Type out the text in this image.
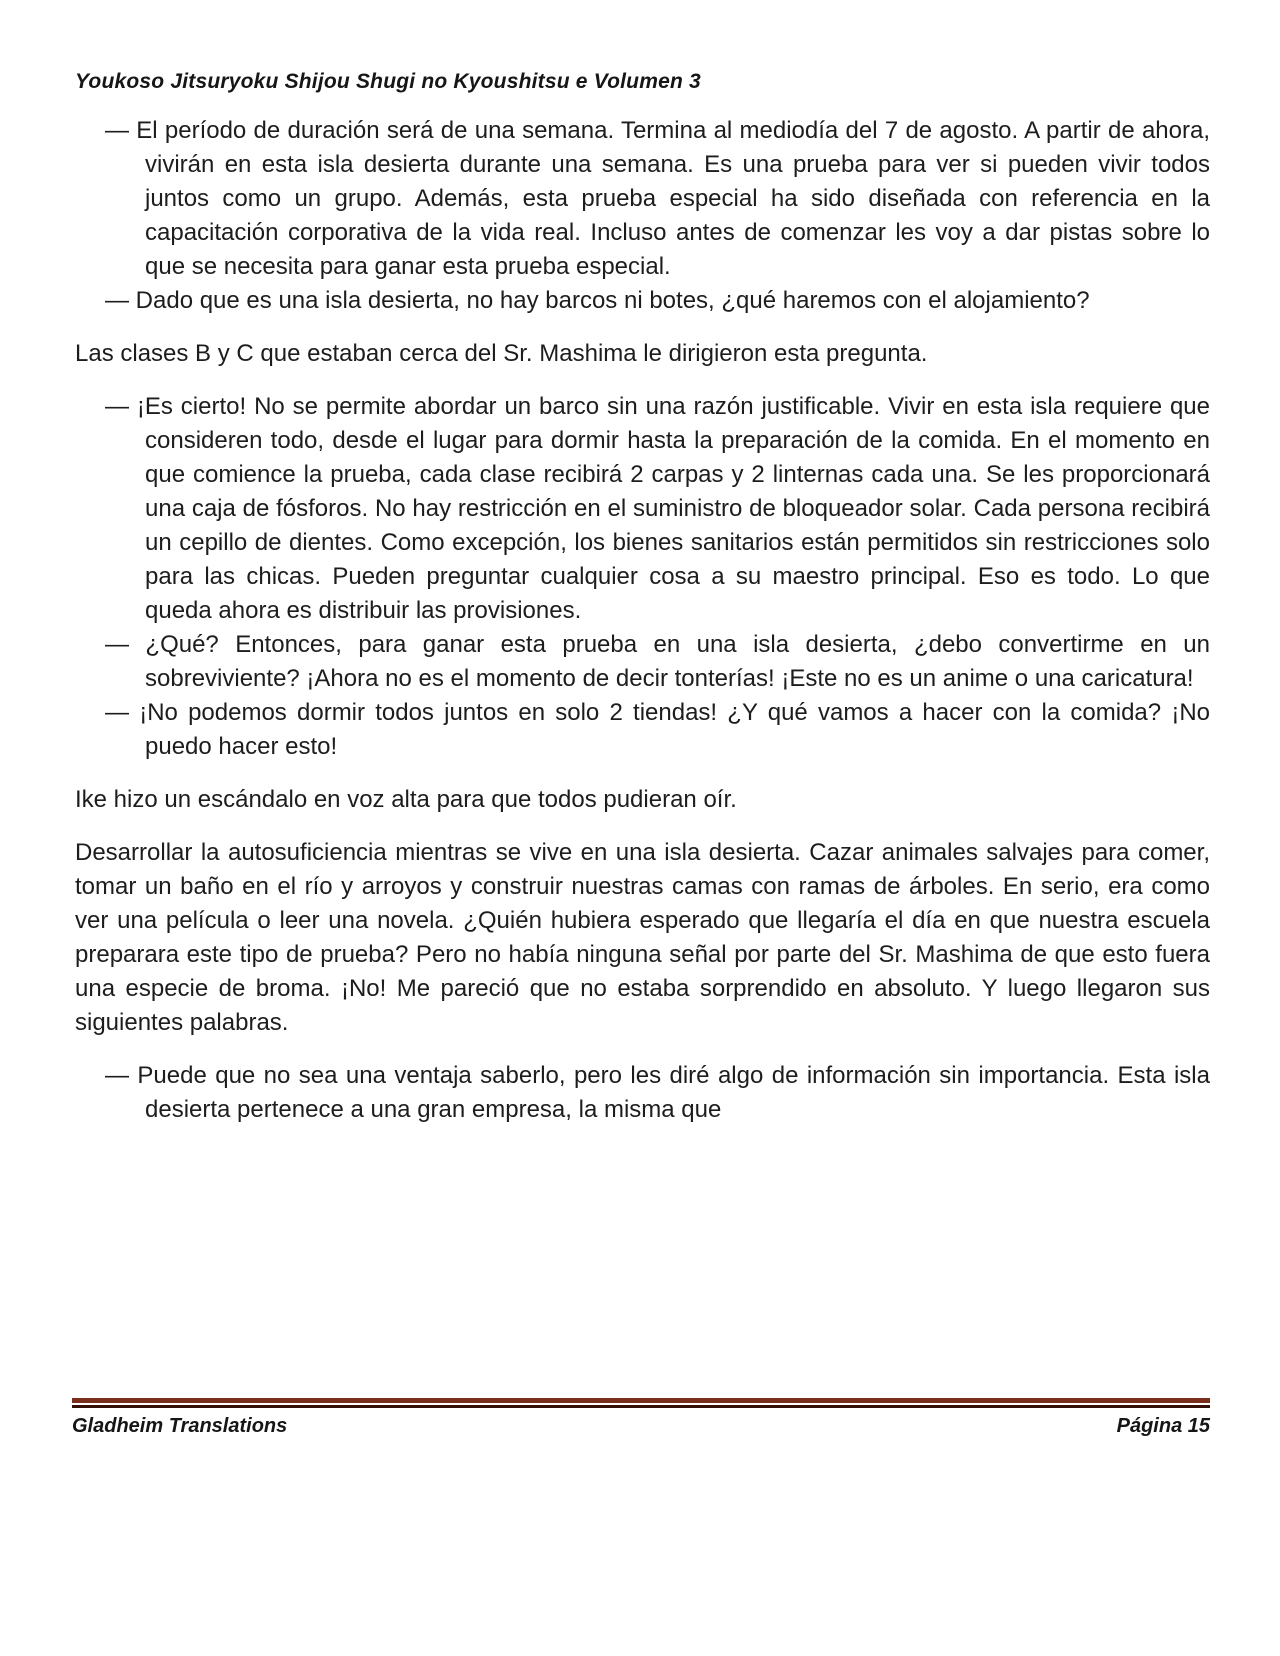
Youkoso Jitsuryoku Shijou Shugi no Kyoushitsu e Volumen 3

— El período de duración será de una semana. Termina al mediodía del 7 de agosto. A partir de ahora, vivirán en esta isla desierta durante una semana. Es una prueba para ver si pueden vivir todos juntos como un grupo. Además, esta prueba especial ha sido diseñada con referencia en la capacitación corporativa de la vida real. Incluso antes de comenzar les voy a dar pistas sobre lo que se necesita para ganar esta prueba especial.

— Dado que es una isla desierta, no hay barcos ni botes, ¿qué haremos con el alojamiento?

Las clases B y C que estaban cerca del Sr. Mashima le dirigieron esta pregunta.

— ¡Es cierto! No se permite abordar un barco sin una razón justificable. Vivir en esta isla requiere que consideren todo, desde el lugar para dormir hasta la preparación de la comida. En el momento en que comience la prueba, cada clase recibirá 2 carpas y 2 linternas cada una. Se les proporcionará una caja de fósforos. No hay restricción en el suministro de bloqueador solar. Cada persona recibirá un cepillo de dientes. Como excepción, los bienes sanitarios están permitidos sin restricciones solo para las chicas. Pueden preguntar cualquier cosa a su maestro principal. Eso es todo. Lo que queda ahora es distribuir las provisiones.

— ¿Qué? Entonces, para ganar esta prueba en una isla desierta, ¿debo convertirme en un sobreviviente? ¡Ahora no es el momento de decir tonterías! ¡Este no es un anime o una caricatura!

— ¡No podemos dormir todos juntos en solo 2 tiendas! ¿Y qué vamos a hacer con la comida? ¡No puedo hacer esto!

Ike hizo un escándalo en voz alta para que todos pudieran oír.

Desarrollar la autosuficiencia mientras se vive en una isla desierta. Cazar animales salvajes para comer, tomar un baño en el río y arroyos y construir nuestras camas con ramas de árboles. En serio, era como ver una película o leer una novela. ¿Quién hubiera esperado que llegaría el día en que nuestra escuela preparara este tipo de prueba? Pero no había ninguna señal por parte del Sr. Mashima de que esto fuera una especie de broma. ¡No! Me pareció que no estaba sorprendido en absoluto. Y luego llegaron sus siguientes palabras.

— Puede que no sea una ventaja saberlo, pero les diré algo de información sin importancia. Esta isla desierta pertenece a una gran empresa, la misma que

Gladheim Translations	Página 15
